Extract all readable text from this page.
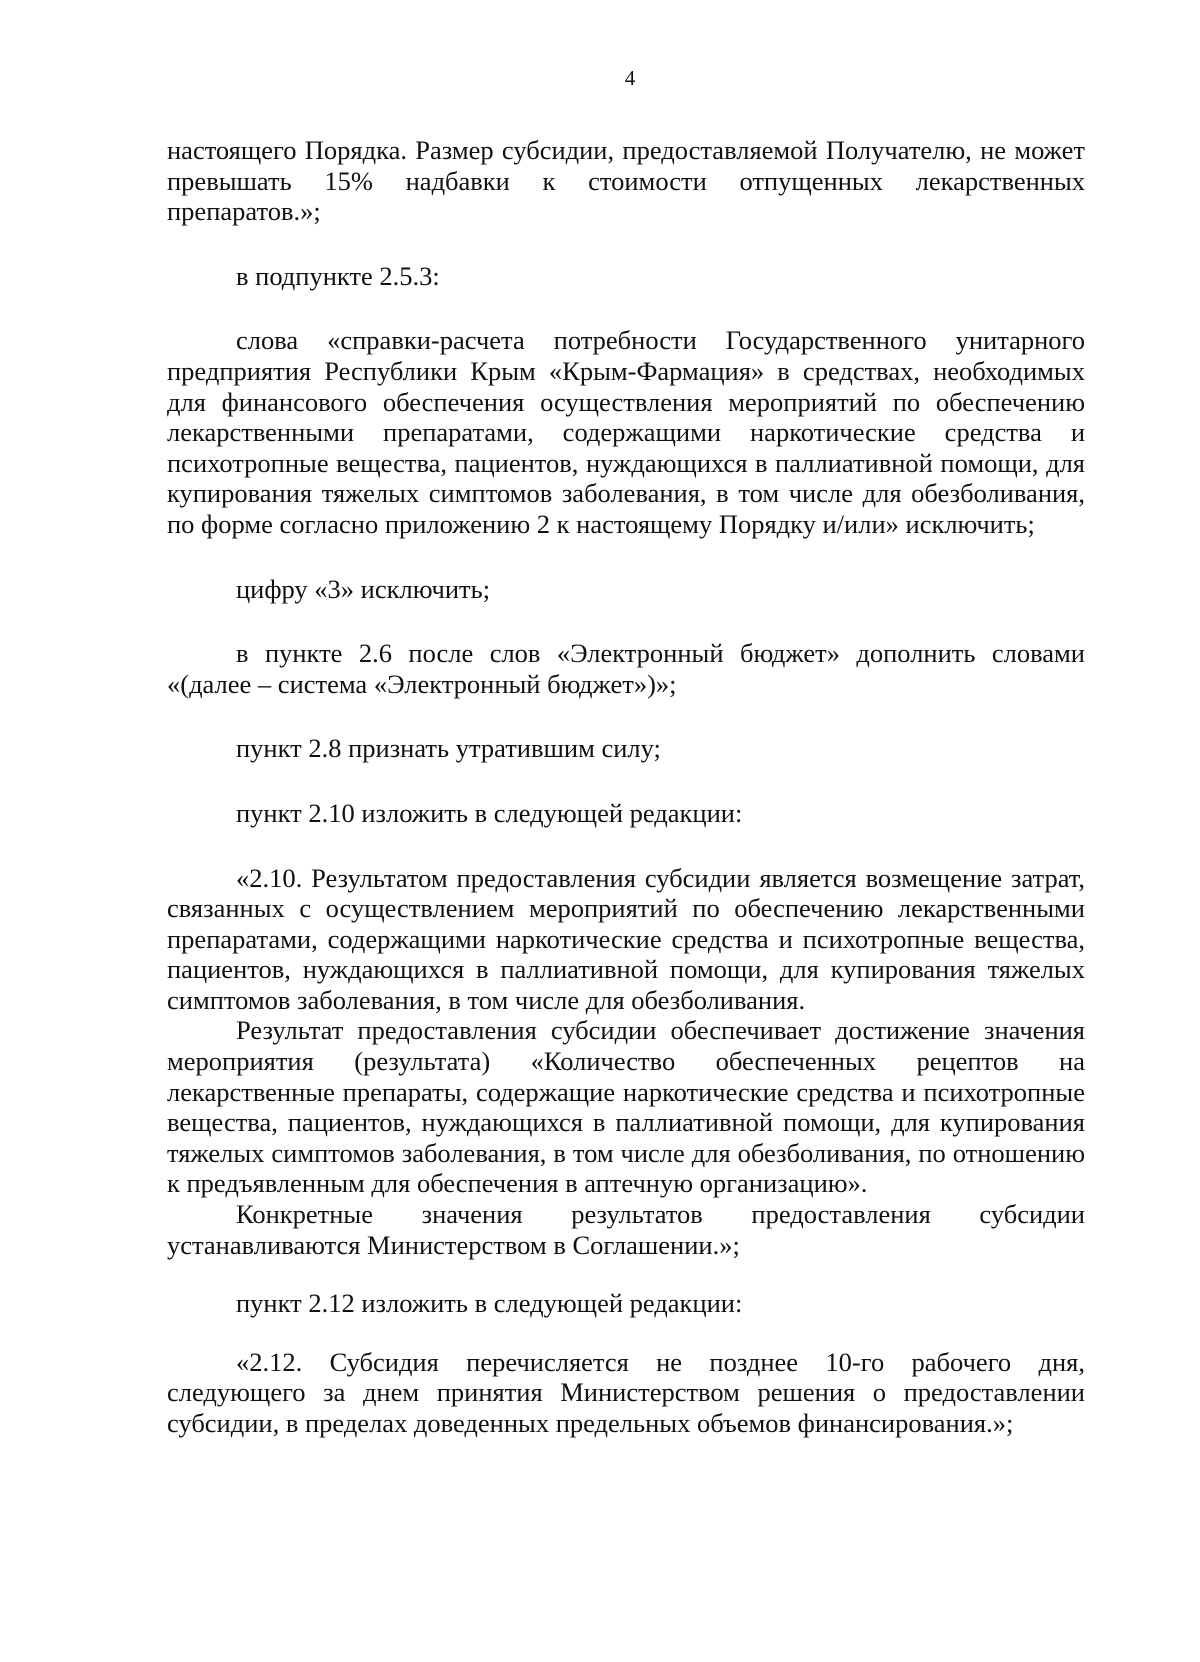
4

настоящего Порядка. Размер субсидии, предоставляемой Получателю, не может превышать 15% надбавки к стоимости отпущенных лекарственных препаратов.»;

в подпункте 2.5.3:

слова «справки-расчета потребности Государственного унитарного предприятия Республики Крым «Крым-Фармация» в средствах, необходимых для финансового обеспечения осуществления мероприятий по обеспечению лекарственными препаратами, содержащими наркотические средства и психотропные вещества, пациентов, нуждающихся в паллиативной помощи, для купирования тяжелых симптомов заболевания, в том числе для обезболивания, по форме согласно приложению 2 к настоящему Порядку и/или» исключить;

цифру «3» исключить;

в пункте 2.6 после слов «Электронный бюджет» дополнить словами «(далее – система «Электронный бюджет»)»;

пункт 2.8 признать утратившим силу;

пункт 2.10 изложить в следующей редакции:

«2.10. Результатом предоставления субсидии является возмещение затрат, связанных с осуществлением мероприятий по обеспечению лекарственными препаратами, содержащими наркотические средства и психотропные вещества, пациентов, нуждающихся в паллиативной помощи, для купирования тяжелых симптомов заболевания, в том числе для обезболивания.

Результат предоставления субсидии обеспечивает достижение значения мероприятия (результата) «Количество обеспеченных рецептов на лекарственные препараты, содержащие наркотические средства и психотропные вещества, пациентов, нуждающихся в паллиативной помощи, для купирования тяжелых симптомов заболевания, в том числе для обезболивания, по отношению к предъявленным для обеспечения в аптечную организацию».

Конкретные значения результатов предоставления субсидии устанавливаются Министерством в Соглашении.»;

пункт 2.12 изложить в следующей редакции:

«2.12. Субсидия перечисляется не позднее 10-го рабочего дня, следующего за днем принятия Министерством решения о предоставлении субсидии, в пределах доведенных предельных объемов финансирования.»;
